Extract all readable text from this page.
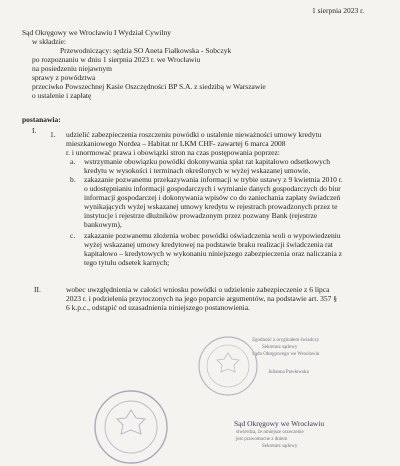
1 sierpnia 2023 r.
Sąd Okręgowy we Wrocławiu I Wydział Cywilny
w składzie:
Przewodniczący: sędzia SO Aneta Fiałkowska - Sobczyk
po rozpoznaniu w dniu 1 sierpnia 2023 r. we Wrocławiu
na posiedzeniu niejawnym
sprawy z powództwa
przeciwko Powszechnej Kasie Oszczędności BP S.A. z siedzibą w Warszawie
o ustalenie i zapłatę
postanawia:
I. 1. udzielić zabezpieczenia roszczeniu powódki o ustalenie nieważności umowy kredytu
mieszkaniowego Nordea – Habitat nr LKM CHF- zawartej 6 marca 2008
r. i unormować prawa i obowiązki stron na czas postępowania poprzez:
a. wstrzymanie obowiązku powódki dokonywania spłat rat kapitałowo odsetkowych
kredytu w wysokości i terminach określonych w wyżej wskazanej umowie,
b. zakazanie pozwanemu przekazywania informacji w trybie ustawy z 9 kwietnia 2010 r.
o udostępnianiu informacji gospodarczych i wymianie danych gospodarczych do biur
informacji gospodarczej i dokonywania wpisów co do zaniechania zapłaty świadczeń
wynikających wyżej wskazanej umowy kredytu w rejestrach prowadzonych przez te
instytucje i rejestrze dłużników prowadzonym przez pozwany Bank (rejestrze
bankowym),
c. zakazanie pozwanemu złożenia wobec powódki oświadczenia woli o wypowiedzeniu
wyżej wskazanej umowy kredytowej na podstawie braku realizacji świadczenia rat
kapitałowo – kredytowych w wykonaniu niniejszego zabezpieczenia oraz naliczania z
tego tytułu odsetek karnych;
II.	wobec uwzględnienia w całości wniosku powódki o udzielenie zabezpieczenie z 6 lipca
2023 r. i podzielenia przytoczonych na jego poparcie argumentów, na podstawie art. 357 §
6 k.p.c., odstąpić od uzasadnienia niniejszego postanowienia.
Zgodność z oryginałem świadczy
Sekretarz sądowy
Sądu Okręgowego we Wrocławiu
Julianna Pawłowska
Sąd Okręgowy we Wrocławiu
stwierdza, że niniejsze orzeczenie
jest prawomocne z dniem
Sekretarz sądowy
